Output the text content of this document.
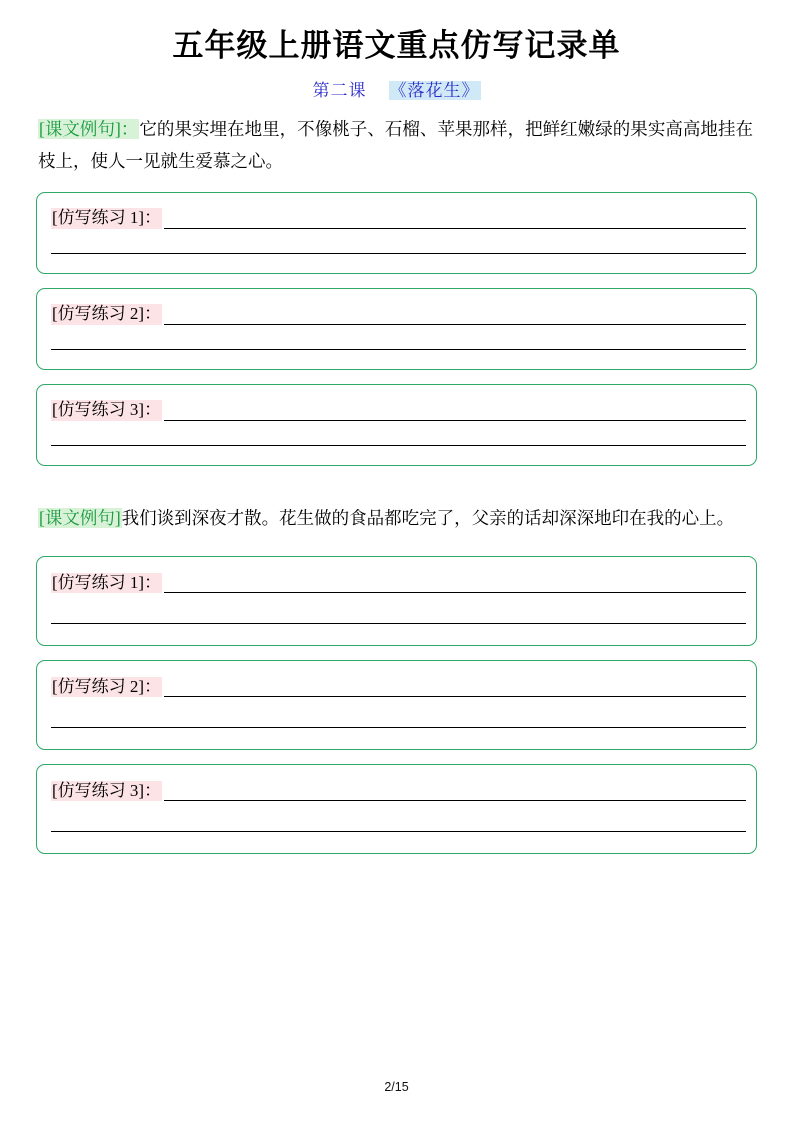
五年级上册语文重点仿写记录单
第二课 《落花生》
[课文例句]：它的果实埋在地里，不像桃子、石榴、苹果那样，把鲜红嫩绿的果实高高地挂在枝上，使人一见就生爱慕之心。
[仿写练习 1]：
[仿写练习 2]：
[仿写练习 3]：
[课文例句]我们谈到深夜才散。花生做的食品都吃完了，父亲的话却深深地印在我的心上。
[仿写练习 1]：
[仿写练习 2]：
[仿写练习 3]：
2/15
